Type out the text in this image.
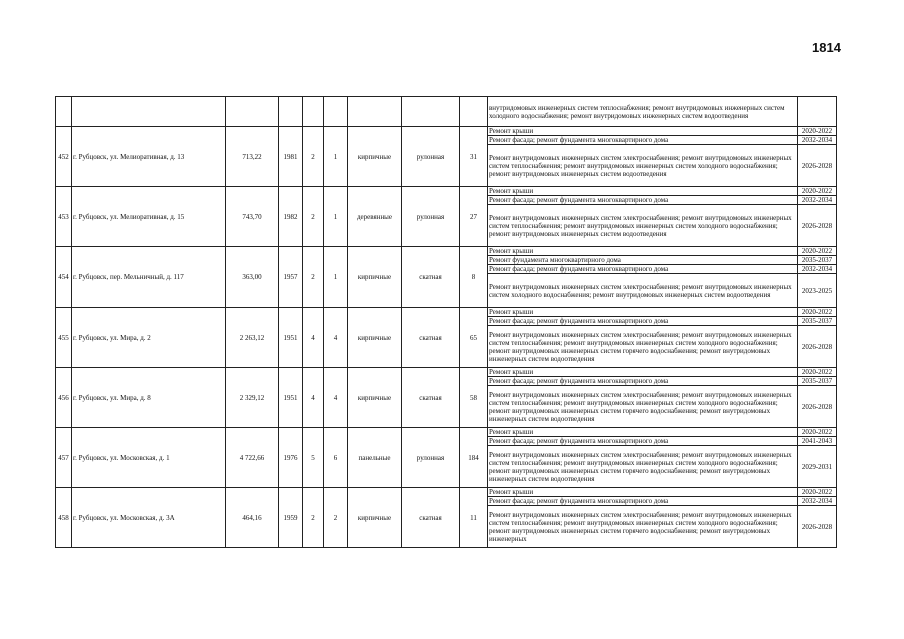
1814
									внутридомовых инженерных систем теплоснабжения; ремонт внутридомовых инженерных систем холодного водоснабжения; ремонт внутридомовых инженерных систем водоотведения	
452	г. Рубцовск, ул. Мелиоративная, д. 13	713,22	1981	2	1	кирпичные	рулонная	31	Ремонт крыши	2020-2022
									Ремонт фасада; ремонт фундамента многоквартирного дома	2032-2034
									Ремонт внутридомовых инженерных систем электроснабжения; ремонт внутридомовых инженерных систем теплоснабжения; ремонт внутридомовых инженерных систем холодного водоснабжения; ремонт внутридомовых инженерных систем водоотведения	2026-2028
453	г. Рубцовск, ул. Мелиоративная, д. 15	743,70	1982	2	1	деревянные	рулонная	27	Ремонт крыши	2020-2022
									Ремонт фасада; ремонт фундамента многоквартирного дома	2032-2034
									Ремонт внутридомовых инженерных систем электроснабжения; ремонт внутридомовых инженерных систем теплоснабжения; ремонт внутридомовых инженерных систем холодного водоснабжения; ремонт внутридомовых инженерных систем водоотведения	2026-2028
454	г. Рубцовск, пер. Мельничный, д. 117	363,00	1957	2	1	кирпичные	скатная	8	Ремонт крыши	2020-2022
									Ремонт фундамента многоквартирного дома	2035-2037
									Ремонт фасада; ремонт фундамента многоквартирного дома	2032-2034
									Ремонт внутридомовых инженерных систем электроснабжения; ремонт внутридомовых инженерных систем холодного водоснабжения; ремонт внутридомовых инженерных систем водоотведения	2023-2025
455	г. Рубцовск, ул. Мира, д. 2	2 263,12	1951	4	4	кирпичные	скатная	65	Ремонт крыши	2020-2022
									Ремонт фасада; ремонт фундамента многоквартирного дома	2035-2037
									Ремонт внутридомовых инженерных систем электроснабжения; ремонт внутридомовых инженерных систем теплоснабжения; ремонт внутридомовых инженерных систем холодного водоснабжения; ремонт внутридомовых инженерных систем горячего водоснабжения; ремонт внутридомовых инженерных систем водоотведения	2026-2028
456	г. Рубцовск, ул. Мира, д. 8	2 329,12	1951	4	4	кирпичные	скатная	58	Ремонт крыши	2020-2022
									Ремонт фасада; ремонт фундамента многоквартирного дома	2035-2037
									Ремонт внутридомовых инженерных систем электроснабжения; ремонт внутридомовых инженерных систем теплоснабжения; ремонт внутридомовых инженерных систем холодного водоснабжения; ремонт внутридомовых инженерных систем горячего водоснабжения; ремонт внутридомовых инженерных систем водоотведения	2026-2028
457	г. Рубцовск, ул. Московская, д. 1	4 722,66	1976	5	6	панельные	рулонная	184	Ремонт крыши	2020-2022
									Ремонт фасада; ремонт фундамента многоквартирного дома	2041-2043
									Ремонт внутридомовых инженерных систем электроснабжения; ремонт внутридомовых инженерных систем теплоснабжения; ремонт внутридомовых инженерных систем холодного водоснабжения; ремонт внутридомовых инженерных систем горячего водоснабжения; ремонт внутридомовых инженерных систем водоотведения	2029-2031
458	г. Рубцовск, ул. Московская, д. 3А	464,16	1959	2	2	кирпичные	скатная	11	Ремонт крыши	2020-2022
									Ремонт фасада; ремонт фундамента многоквартирного дома	2032-2034
									Ремонт внутридомовых инженерных систем электроснабжения; ремонт внутридомовых инженерных систем теплоснабжения; ремонт внутридомовых инженерных систем холодного водоснабжения; ремонт внутридомовых инженерных систем горячего водоснабжения; ремонт внутридомовых инженерных	2026-2028
